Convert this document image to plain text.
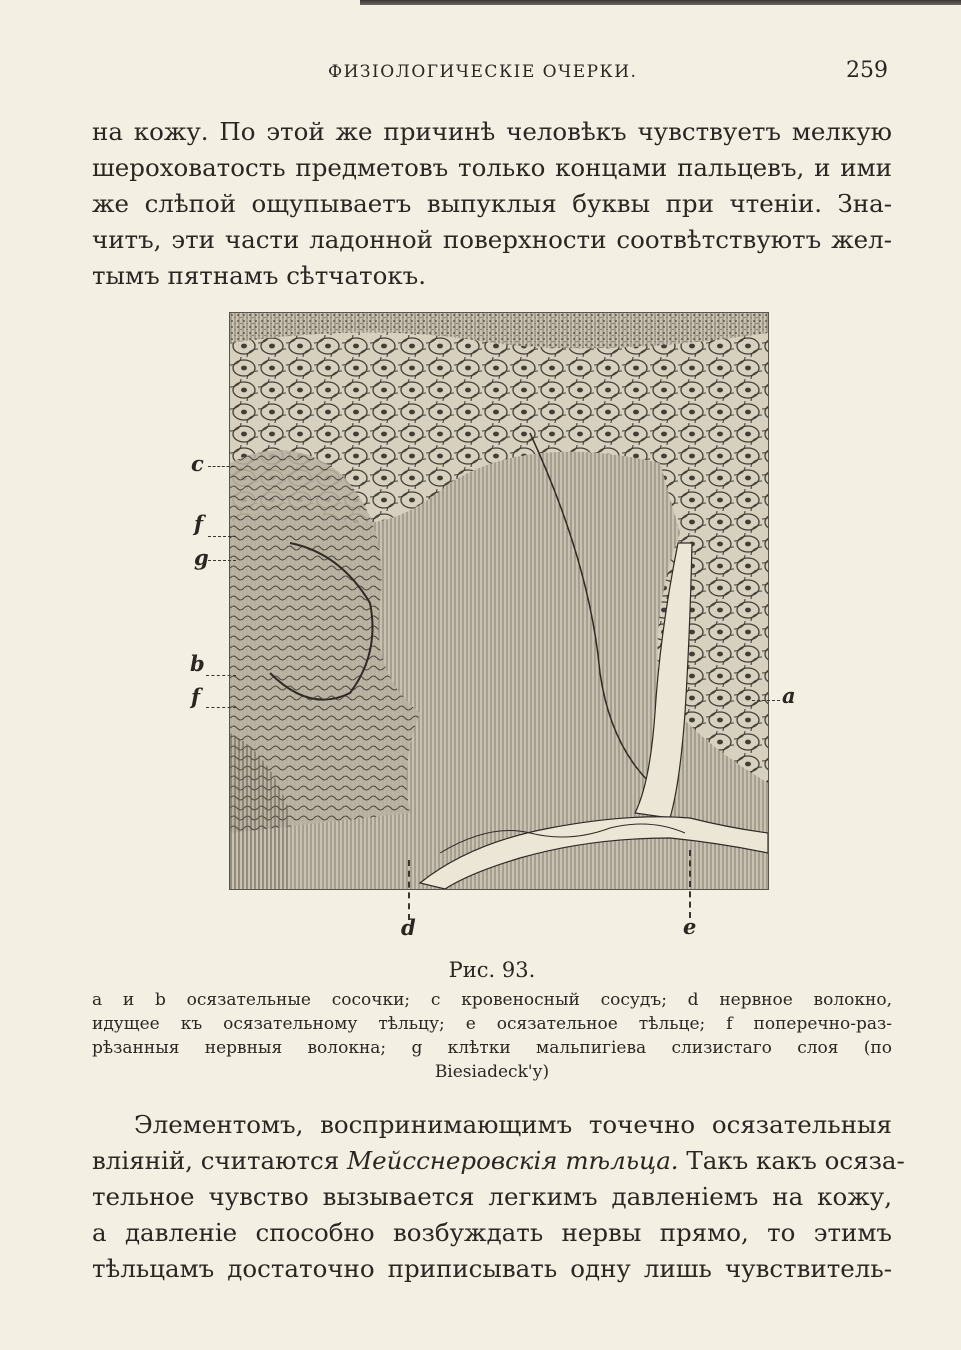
ФИЗIОЛОГИЧЕСКIЕ ОЧЕРКИ.	259

на кожу. По этой же причинѣ человѣкъ чувствуетъ мелкую
шероховатость предметовъ только концами пальцевъ, и ими
же слѣпой ощупываетъ выпуклыя буквы при чтенiи. Зна-
читъ, эти части ладонной поверхности соотвѣтствуютъ жел-
тымъ пятнамъ сѣтчатокъ.

c
f
g
b
f	a
d	e
Рис. 93.
a и b осязательные сосочки; c кровеносный сосудъ; d нервное волокно,
идущее къ осязательному тѣльцу; e осязательное тѣльце; f поперечно-раз-
рѣзанныя нервныя волокна; g клѣтки мальпигiева слизистаго слоя (по
Biesiadeck'у)

Элементомъ, воспринимающимъ точечно осязательныя
влiянiй, считаются Мейсснеровскiя тѣльца. Такъ какъ осяза-
тельное чувство вызывается легкимъ давленiемъ на кожу,
а давленiе способно возбуждать нервы прямо, то этимъ
тѣльцамъ достаточно приписывать одну лишь чувствитель-
